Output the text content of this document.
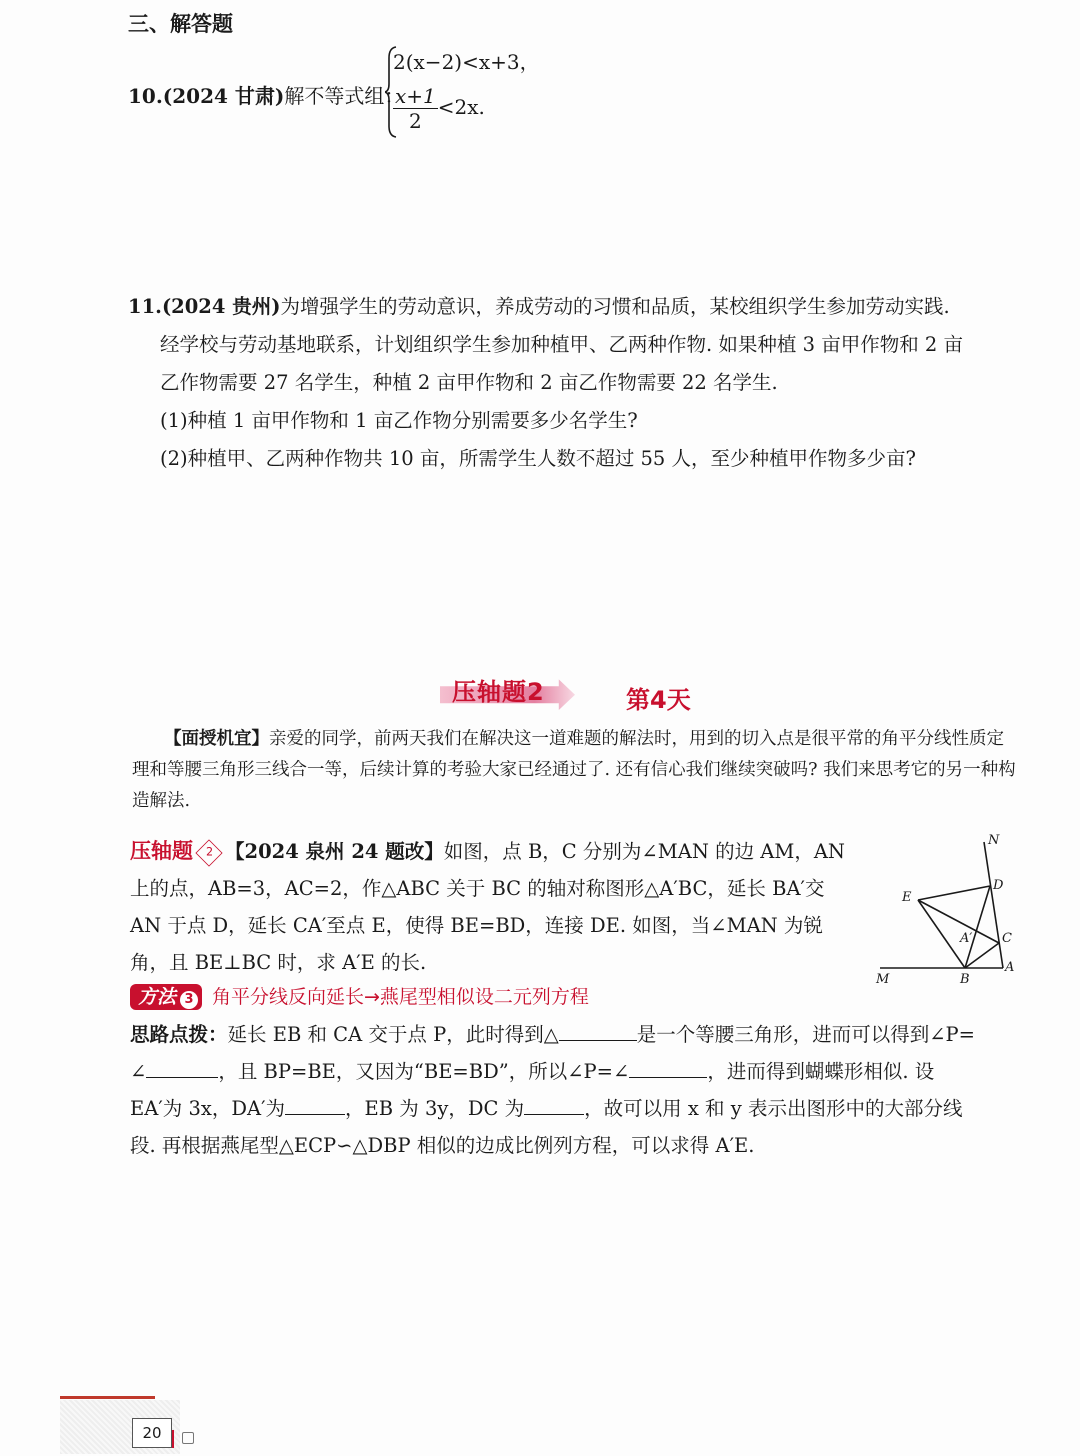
三、解答题
10.(2024 甘肃)解不等式组：
2(x−2)<x+3，
$\frac{x+1}{2} <2x$.

11.(2024 贵州)为增强学生的劳动意识，养成劳动的习惯和品质，某校组织学生参加劳动实践.

经学校与劳动基地联系，计划组织学生参加种植甲、乙两种作物. 如果种植 3 亩甲作物和 2 亩

乙作物需要 27 名学生，种植 2 亩甲作物和 2 亩乙作物需要 22 名学生.

(1)种植 1 亩甲作物和 1 亩乙作物分别需要多少名学生?

(2)种植甲、乙两种作物共 10 亩，所需学生人数不超过 55 人，至少种植甲作物多少亩?

压轴题2	第4天
【面授机宜】亲爱的同学，前两天我们在解决这一道难题的解法时，用到的切入点是很平常的角平分线性质定理和等腰三角形三线合一等，后续计算的考验大家已经通过了. 还有信心我们继续突破吗? 我们来思考它的另一种构造解法.
压轴题 2 【2024 泉州 24 题改】如图，点 B，C 分别为∠MAN 的边 AM，AN
上的点，AB=3，AC=2，作△ABC 关于 BC 的轴对称图形△A′BC，延长 BA′交
AN 于点 D，延长 CA′至点 E，使得 BE=BD，连接 DE. 如图，当∠MAN 为锐
角，且 BE⊥BC 时，求 A′E 的长.
N
D
E
A′ C
M	B
A
方法 3 角平分线反向延长→燕尾型相似设二元列方程
思路点拨：延长 EB 和 CA 交于点 P，此时得到△	是一个等腰三角形，进而可以得到∠P=
∠	，且 BP=BE，又因为“BE=BD”，所以∠P=∠	，进而得到蝴蝶形相似. 设
EA′为 3x，DA′为	，EB 为 3y，DC 为	，故可以用 x 和 y 表示出图形中的大部分线
段. 再根据燕尾型△ECP∽△DBP 相似的边成比例列方程，可以求得 A′E.
20
